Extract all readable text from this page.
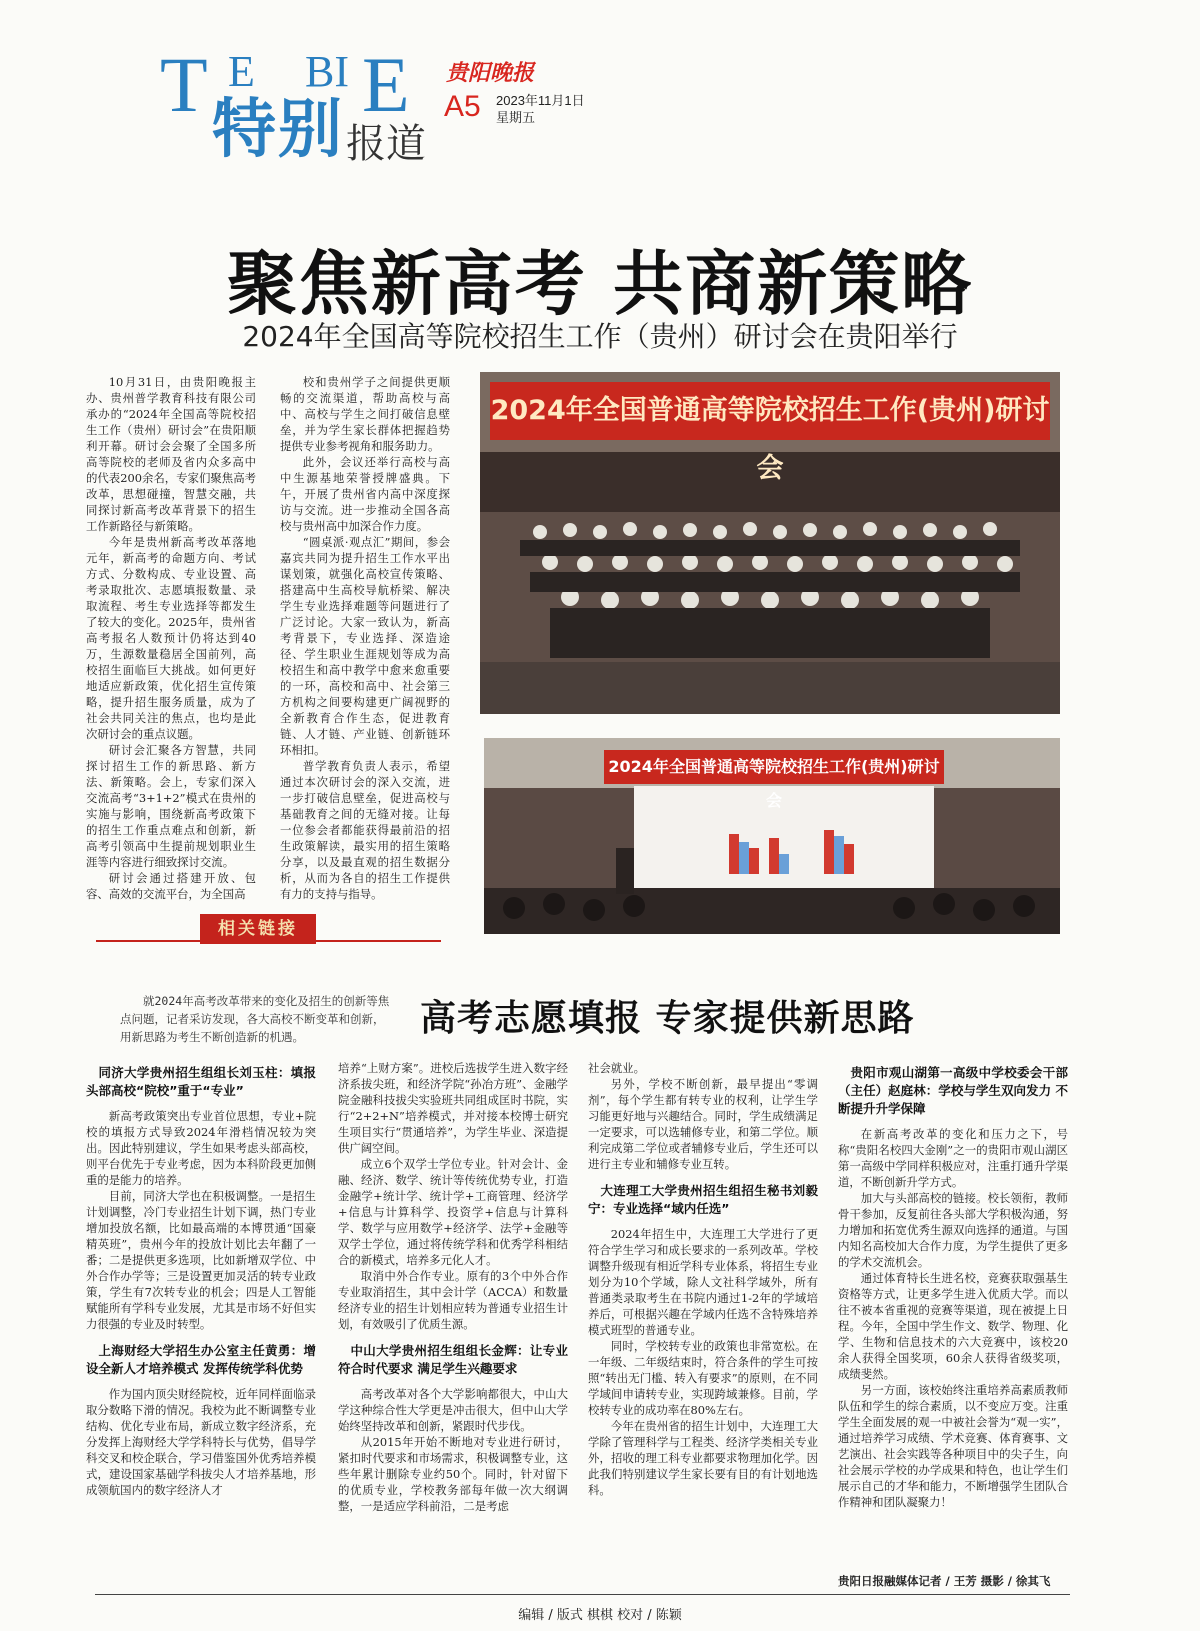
T E BI E
特别 报道
贵阳晚报
A5 2023年11月1日
星期五
聚焦新高考 共商新策略
2024年全国高等院校招生工作（贵州）研讨会在贵阳举行

10月31日，由贵阳晚报主办、贵州普学教育科技有限公司承办的“2024年全国高等院校招生工作（贵州）研讨会”在贵阳顺利开幕。研讨会会聚了全国多所高等院校的老师及省内众多高中的代表200余名，专家们聚焦高考改革，思想碰撞，智慧交融，共同探讨新高考改革背景下的招生工作新路径与新策略。

今年是贵州新高考改革落地元年，新高考的命题方向、考试方式、分数构成、专业设置、高考录取批次、志愿填报数量、录取流程、考生专业选择等都发生了较大的变化。2025年，贵州省高考报名人数预计仍将达到40万，生源数量稳居全国前列，高校招生面临巨大挑战。如何更好地适应新政策，优化招生宣传策略，提升招生服务质量，成为了社会共同关注的焦点，也均是此次研讨会的重点议题。

研讨会汇聚各方智慧，共同探讨招生工作的新思路、新方法、新策略。会上，专家们深入交流高考“3+1+2”模式在贵州的实施与影响，围绕新高考政策下的招生工作重点难点和创新，新高考引领高中生提前规划职业生涯等内容进行细致探讨交流。

研讨会通过搭建开放、包容、高效的交流平台，为全国高

校和贵州学子之间提供更顺畅的交流渠道，帮助高校与高中、高校与学生之间打破信息壁垒，并为学生家长群体把握趋势提供专业参考视角和服务助力。

此外，会议还举行高校与高中生源基地荣誉授牌盛典。下午，开展了贵州省内高中深度探访与交流。进一步推动全国各高校与贵州高中加深合作力度。

“圆桌派·观点汇”期间，参会嘉宾共同为提升招生工作水平出谋划策，就强化高校宣传策略、搭建高中生高校导航桥梁、解决学生专业选择难题等问题进行了广泛讨论。大家一致认为，新高考背景下，专业选择、深造途径、学生职业生涯规划等成为高校招生和高中教学中愈来愈重要的一环，高校和高中、社会第三方机构之间要构建更广阔视野的全新教育合作生态，促进教育链、人才链、产业链、创新链环环相扣。

普学教育负责人表示，希望通过本次研讨会的深入交流，进一步打破信息壁垒，促进高校与基础教育之间的无缝对接。让每一位参会者都能获得最前沿的招生政策解读，最实用的招生策略分享，以及最直观的招生数据分析，从而为各自的招生工作提供有力的支持与指导。

2024年全国普通高等院校招生工作(贵州)研讨会
2024年全国普通高等院校招生工作(贵州)研讨会
相关链接
就2024年高考改革带来的变化及招生的创新等焦点问题，记者采访发现，各大高校不断变革和创新，用新思路为考生不断创造新的机遇。	高考志愿填报 专家提供新思路
同济大学贵州招生组组长刘玉柱：填报头部高校“院校”重于“专业”

新高考政策突出专业首位思想，专业+院校的填报方式导致2024年滑档情况较为突出。因此特别建议，学生如果考虑头部高校，则平台优先于专业考虑，因为本科阶段更加侧重的是能力的培养。

目前，同济大学也在积极调整。一是招生计划调整，冷门专业招生计划下调，热门专业增加投放名额，比如最高端的本博贯通“国豪精英班”，贵州今年的投放计划比去年翻了一番；二是提供更多选项，比如新增双学位、中外合作办学等；三是设置更加灵活的转专业政策，学生有7次转专业的机会；四是人工智能赋能所有学科专业发展，尤其是市场不好但实力很强的专业及时转型。

上海财经大学招生办公室主任黄勇：增设全新人才培养模式 发挥传统学科优势

作为国内顶尖财经院校，近年同样面临录取分数略下滑的情况。我校为此不断调整专业结构、优化专业布局，新成立数字经济系，充分发挥上海财经大学学科特长与优势，倡导学科交叉和校企联合，学习借鉴国外优秀培养模式，建设国家基础学科拔尖人才培养基地，形成领航国内的数字经济人才

培养“上财方案”。进校后选拔学生进入数字经济系拔尖班，和经济学院“孙冶方班”、金融学院金融科技拔尖实验班共同组成匡时书院，实行“2+2+N”培养模式，并对接本校博士研究生项目实行“贯通培养”，为学生毕业、深造提供广阔空间。

成立6个双学士学位专业。针对会计、金融、经济、数学、统计等传统优势专业，打造金融学+统计学、统计学+工商管理、经济学+信息与计算科学、投资学+信息与计算科学、数学与应用数学+经济学、法学+金融等双学士学位，通过将传统学科和优秀学科相结合的新模式，培养多元化人才。

取消中外合作专业。原有的3个中外合作专业取消招生，其中会计学（ACCA）和数量经济专业的招生计划相应转为普通专业招生计划，有效吸引了优质生源。

中山大学贵州招生组组长金辉：让专业符合时代要求 满足学生兴趣要求

高考改革对各个大学影响都很大，中山大学这种综合性大学更是冲击很大，但中山大学始终坚持改革和创新，紧跟时代步伐。

从2015年开始不断地对专业进行研讨，紧扣时代要求和市场需求，积极调整专业，这些年累计删除专业约50个。同时，针对留下的优质专业，学校教务部每年做一次大纲调整，一是适应学科前沿，二是考虑

社会就业。

另外，学校不断创新，最早提出“零调剂”，每个学生都有转专业的权利，让学生学习能更好地与兴趣结合。同时，学生成绩满足一定要求，可以选辅修专业，和第二学位。顺利完成第二学位或者辅修专业后，学生还可以进行主专业和辅修专业互转。

大连理工大学贵州招生组招生秘书刘毅宁：专业选择“域内任选”

2024年招生中，大连理工大学进行了更符合学生学习和成长要求的一系列改革。学校调整升级现有相近学科专业体系，将招生专业划分为10个学域，除人文社科学域外，所有普通类录取考生在书院内通过1-2年的学域培养后，可根据兴趣在学域内任选不含特殊培养模式班型的普通专业。

同时，学校转专业的政策也非常宽松。在一年级、二年级结束时，符合条件的学生可按照“转出无门槛、转入有要求”的原则，在不同学域间申请转专业，实现跨域兼修。目前，学校转专业的成功率在80%左右。

今年在贵州省的招生计划中，大连理工大学除了管理科学与工程类、经济学类相关专业外，招收的理工科专业都要求物理加化学。因此我们特别建议学生家长要有目的有计划地选科。

贵阳市观山湖第一高级中学校委会干部（主任）赵庭林：学校与学生双向发力 不断提升升学保障

在新高考改革的变化和压力之下，号称“贵阳名校四大金刚”之一的贵阳市观山湖区第一高级中学同样积极应对，注重打通升学渠道，不断创新升学方式。

加大与头部高校的链接。校长领衔，教师骨干参加，反复前往各头部大学积极沟通，努力增加和拓宽优秀生源双向选择的通道。与国内知名高校加大合作力度，为学生提供了更多的学术交流机会。

通过体育特长生进名校，竞赛获取强基生资格等方式，让更多学生进入优质大学。而以往不被本省重视的竞赛等渠道，现在被提上日程。今年，全国中学生作文、数学、物理、化学、生物和信息技术的六大竞赛中，该校20余人获得全国奖项，60余人获得省级奖项，成绩斐然。

另一方面，该校始终注重培养高素质教师队伍和学生的综合素质，以不变应万变。注重学生全面发展的观一中被社会誉为“观一实”，通过培养学习成绩、学术竞赛、体育赛事、文艺演出、社会实践等各种项目中的尖子生，向社会展示学校的办学成果和特色，也让学生们展示自己的才华和能力，不断增强学生团队合作精神和团队凝聚力！

贵阳日报融媒体记者 / 王芳 摄影 / 徐其飞
编辑 / 版式 棋棋 校对 / 陈颖
